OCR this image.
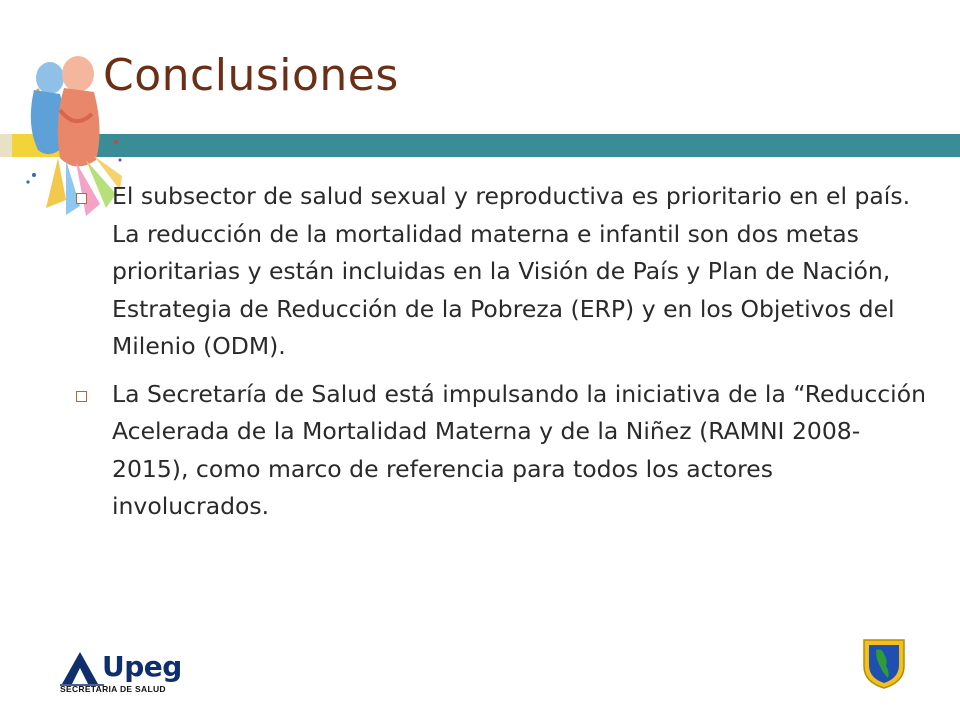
Conclusiones
El subsector de salud sexual y reproductiva es prioritario en el país. La reducción de la mortalidad materna e infantil son dos metas prioritarias y están incluidas en la Visión de País y Plan de Nación, Estrategia de Reducción de la Pobreza (ERP) y en los Objetivos del Milenio (ODM).
La Secretaría de Salud está impulsando la iniciativa de la “Reducción Acelerada de la Mortalidad Materna y de la Niñez (RAMNI 2008-2015), como marco de referencia para todos los actores involucrados.
Upeg
SECRETARIA DE SALUD
